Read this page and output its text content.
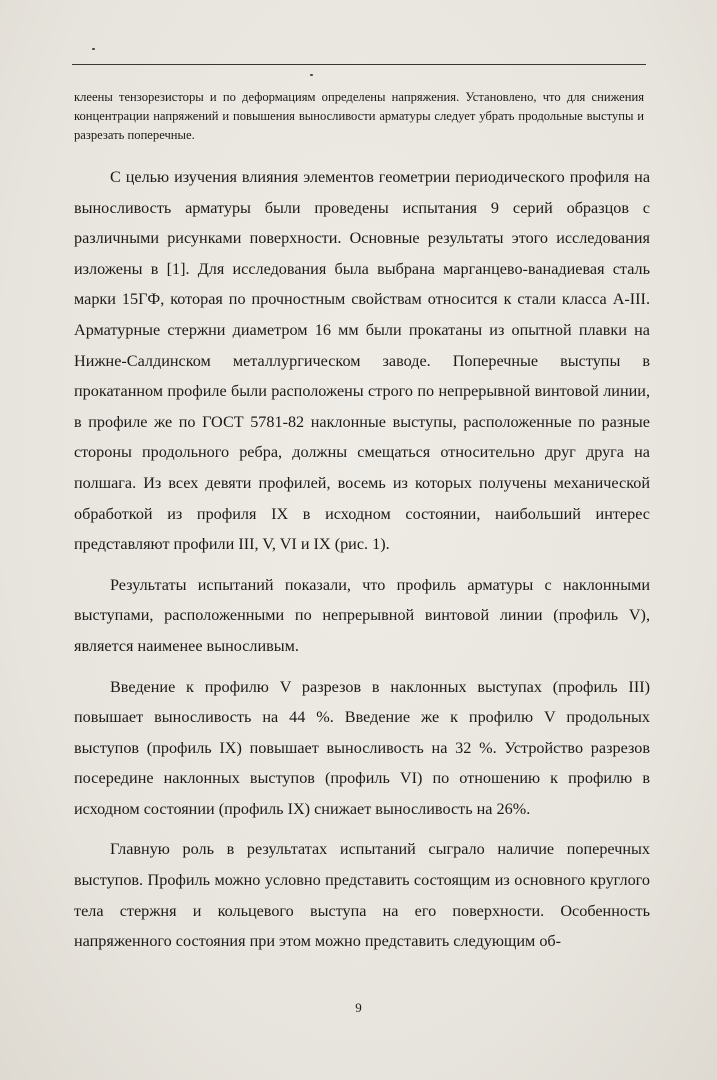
клеены тензорезисторы и по деформациям определены напряжения. Установлено, что для снижения концентрации напряжений и повышения выносливости арматуры следует убрать продольные выступы и разрезать поперечные.

С целью изучения влияния элементов геометрии периодического профиля на выносливость арматуры были проведены испытания 9 серий образцов с различными рисунками поверхности. Основные результаты этого исследования изложены в [1]. Для исследования была выбрана марганцево-ванадиевая сталь марки 15ГФ, которая по прочностным свойствам относится к стали класса А-III. Арматурные стержни диаметром 16 мм были прокатаны из опытной плавки на Нижне-Салдинском металлургическом заводе. Поперечные выступы в прокатанном профиле были расположены строго по непрерывной винтовой линии, в профиле же по ГОСТ 5781-82 наклонные выступы, расположенные по разные стороны продольного ребра, должны смещаться относительно друг друга на полшага. Из всех девяти профилей, восемь из которых получены механической обработкой из профиля IX в исходном состоянии, наибольший интерес представляют профили III, V, VI и IX (рис. 1).

Результаты испытаний показали, что профиль арматуры с наклонными выступами, расположенными по непрерывной винтовой линии (профиль V), является наименее выносливым.

Введение к профилю V разрезов в наклонных выступах (профиль III) повышает выносливость на 44 %. Введение же к профилю V продольных выступов (профиль IX) повышает выносливость на 32 %. Устройство разрезов посередине наклонных выступов (профиль VI) по отношению к профилю в исходном состоянии (профиль IX) снижает выносливость на 26%.

Главную роль в результатах испытаний сыграло наличие поперечных выступов. Профиль можно условно представить состоящим из основного круглого тела стержня и кольцевого выступа на его поверхности. Особенность напряженного состояния при этом можно представить следующим об-

9
